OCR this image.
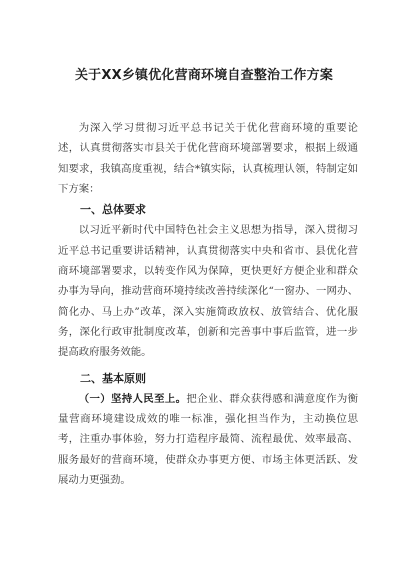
关于XX乡镇优化营商环境自查整治工作方案

为深入学习贯彻习近平总书记关于优化营商环境的重要论述，认真贯彻落实市县关于优化营商环境部署要求，根据上级通知要求，我镇高度重视，结合*镇实际，认真梳理认领，特制定如下方案：

一、总体要求

以习近平新时代中国特色社会主义思想为指导，深入贯彻习近平总书记重要讲话精神，认真贯彻落实中央和省市、县优化营商环境部署要求，以转变作风为保障，更快更好方便企业和群众办事为导向，推动营商环境持续改善持续深化“一窗办、一网办、简化办、马上办”改革，深入实施简政放权、放管结合、优化服务，深化行政审批制度改革，创新和完善事中事后监管，进一步提高政府服务效能。

二、基本原则

（一）坚持人民至上。把企业、群众获得感和满意度作为衡量营商环境建设成效的唯一标准，强化担当作为，主动换位思考，注重办事体验，努力打造程序最简、流程最优、效率最高、服务最好的营商环境，使群众办事更方便、市场主体更活跃、发展动力更强劲。
